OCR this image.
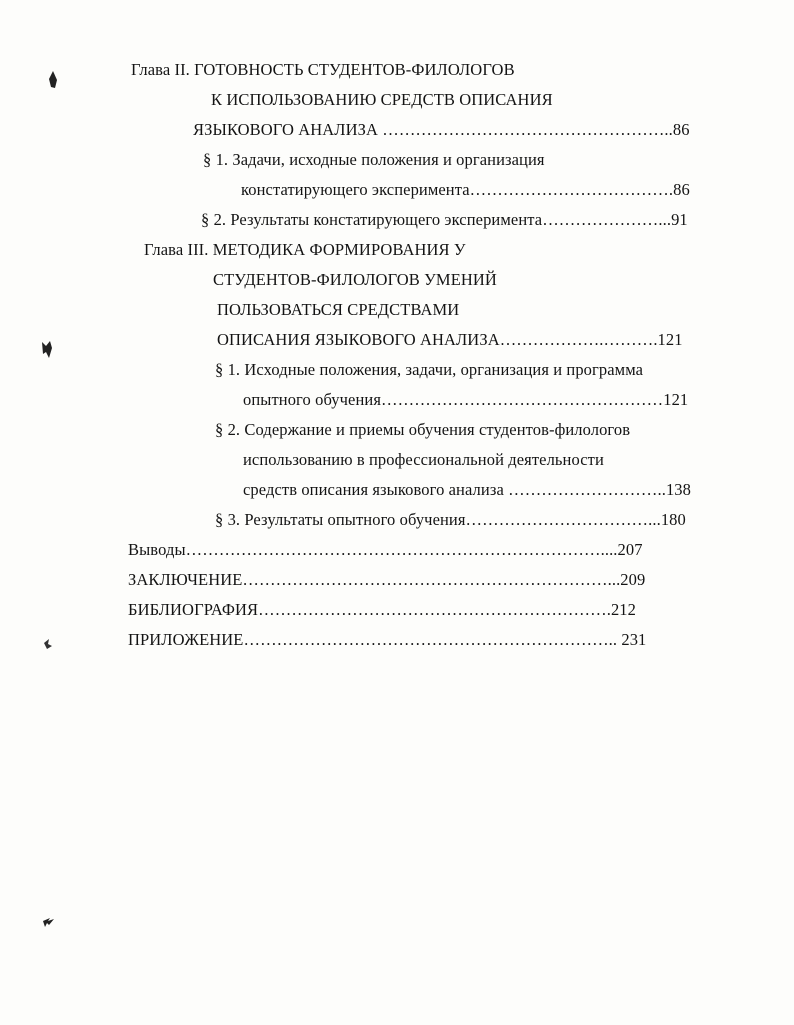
Глава II. ГОТОВНОСТЬ СТУДЕНТОВ-ФИЛОЛОГОВ
К ИСПОЛЬЗОВАНИЮ СРЕДСТВ ОПИСАНИЯ
ЯЗЫКОВОГО АНАЛИЗА ……………………………………………..86
§ 1. Задачи, исходные положения и организация
констатирующего эксперимента……………………………….86
§ 2. Результаты констатирующего эксперимента…………………...91
Глава III. МЕТОДИКА ФОРМИРОВАНИЯ У
СТУДЕНТОВ-ФИЛОЛОГОВ УМЕНИЙ
ПОЛЬЗОВАТЬСЯ СРЕДСТВАМИ
ОПИСАНИЯ ЯЗЫКОВОГО АНАЛИЗА……………….……….121
§ 1. Исходные положения, задачи, организация и программа
опытного обучения……………………………………………121
§ 2. Содержание и приемы обучения студентов-филологов
использованию в профессиональной деятельности
средств описания языкового анализа ………………………..138
§ 3. Результаты опытного обучения……………………………...180
Выводы…………………………………………………………………....207
ЗАКЛЮЧЕНИЕ…………………………………………………………...209
БИБЛИОГРАФИЯ……………………………………………………….212
ПРИЛОЖЕНИЕ………………………………………………………….. 231
